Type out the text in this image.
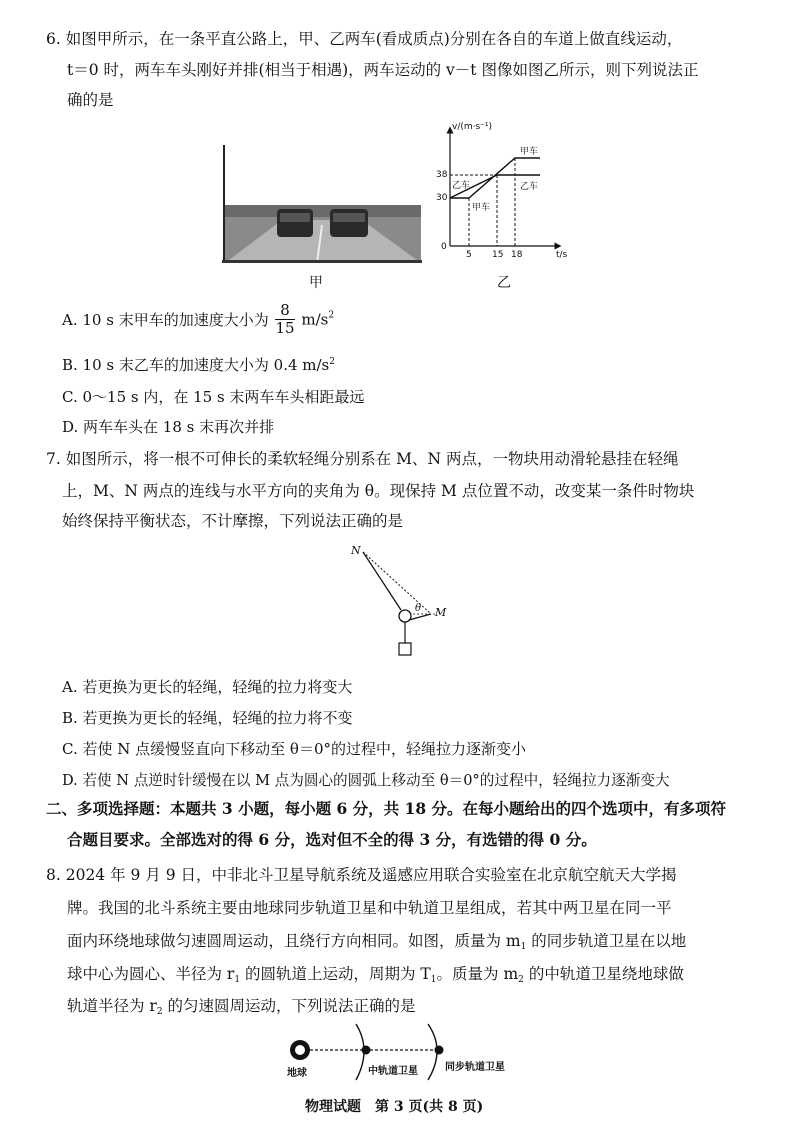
6. 如图甲所示，在一条平直公路上，甲、乙两车(看成质点)分别在各自的车道上做直线运动，
t＝0 时，两车车头刚好并排(相当于相遇)，两车运动的 v－t 图像如图乙所示，则下列说法正
确的是
甲
v/(m·s⁻¹)
t/s
0
30
38
5 15 18
甲车
乙车
甲车
乙车
乙
A. 10 s 末甲车的加速度大小为 $\frac{8}{15} m/s^2$
B. 10 s 末乙车的加速度大小为 0.4 $m/s^2$
C. 0～15 s 内，在 15 s 末两车车头相距最远
D. 两车车头在 18 s 末再次并排
7. 如图所示，将一根不可伸长的柔软轻绳分别系在 M、N 两点，一物块用动滑轮悬挂在轻绳
上，M、N 两点的连线与水平方向的夹角为 θ。现保持 M 点位置不动，改变某一条件时物块
始终保持平衡状态，不计摩擦，下列说法正确的是
N
M
θ
A. 若更换为更长的轻绳，轻绳的拉力将变大
B. 若更换为更长的轻绳，轻绳的拉力将不变
C. 若使 N 点缓慢竖直向下移动至 θ＝0°的过程中，轻绳拉力逐渐变小
D. 若使 N 点逆时针缓慢在以 M 点为圆心的圆弧上移动至 θ＝0°的过程中，轻绳拉力逐渐变大
二、多项选择题：本题共 3 小题，每小题 6 分，共 18 分。在每小题给出的四个选项中，有多项符
合题目要求。全部选对的得 6 分，选对但不全的得 3 分，有选错的得 0 分。
8. 2024 年 9 月 9 日，中非北斗卫星导航系统及遥感应用联合实验室在北京航空航天大学揭
牌。我国的北斗系统主要由地球同步轨道卫星和中轨道卫星组成，若其中两卫星在同一平
面内环绕地球做匀速圆周运动，且绕行方向相同。如图，质量为 $m_1$ 的同步轨道卫星在以地
球中心为圆心、半径为 $r_1$ 的圆轨道上运动，周期为 $T_1$。质量为 $m_2$ 的中轨道卫星绕地球做
轨道半径为 $r_2$ 的匀速圆周运动，下列说法正确的是
地球	中轨道卫星	同步轨道卫星
物理试题　第 3 页(共 8 页)
